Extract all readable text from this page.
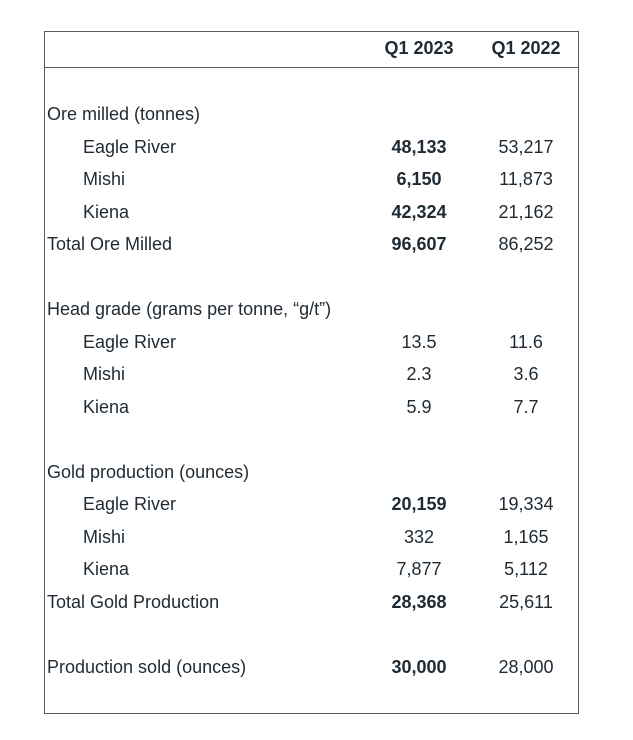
Q1 2023	Q1 2022
Ore milled (tonnes)
Eagle River	48,133	53,217
Mishi	6,150	11,873
Kiena	42,324	21,162
Total Ore Milled	96,607	86,252
Head grade (grams per tonne, “g/t”)
Eagle River	13.5	11.6
Mishi	2.3	3.6
Kiena	5.9	7.7
Gold production (ounces)
Eagle River	20,159	19,334
Mishi	332	1,165
Kiena	7,877	5,112
Total Gold Production	28,368	25,611
Production sold (ounces)	30,000	28,000
